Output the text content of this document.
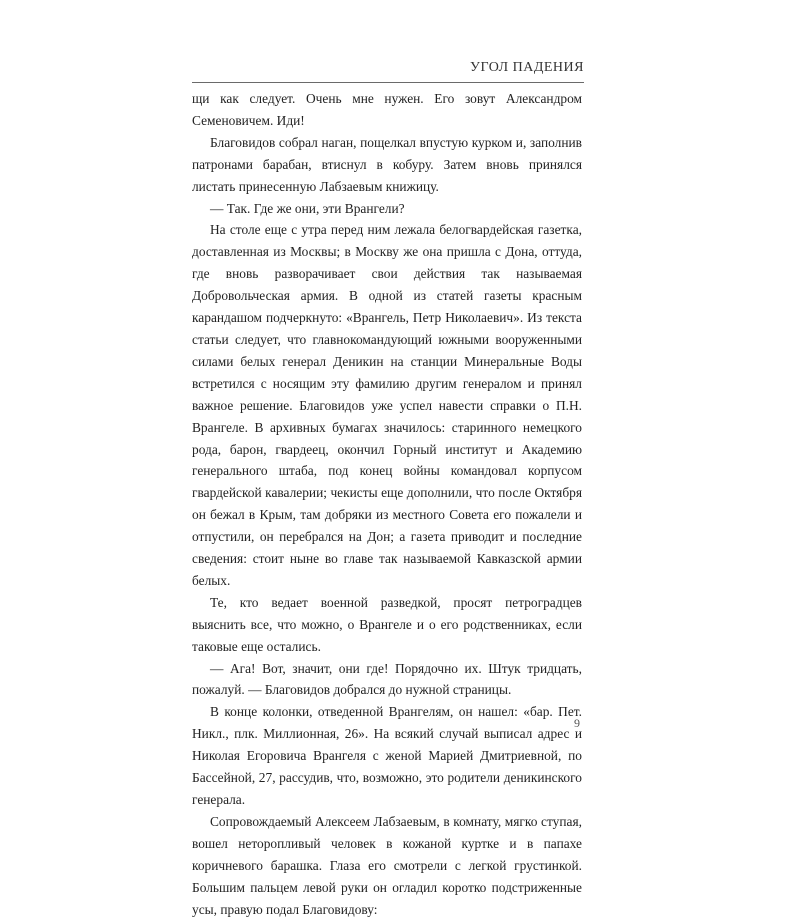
УГОЛ ПАДЕНИЯ

щи как следует. Очень мне нужен. Его зовут Александром Семеновичем. Иди!

Благовидов собрал наган, пощелкал впустую курком и, заполнив патронами барабан, втиснул в кобуру. Затем вновь принялся листать принесенную Лабзаевым книжицу.

— Так. Где же они, эти Врангели?

На столе еще с утра перед ним лежала белогвардейская газетка, доставленная из Москвы; в Москву же она пришла с Дона, оттуда, где вновь разворачивает свои действия так называемая Добровольческая армия. В одной из статей газеты красным карандашом подчеркнуто: «Врангель, Петр Николаевич». Из текста статьи следует, что главнокомандующий южными вооруженными силами белых генерал Деникин на станции Минеральные Воды встретился с носящим эту фамилию другим генералом и принял важное решение. Благовидов уже успел навести справки о П.Н. Врангеле. В архивных бумагах значилось: старинного немецкого рода, барон, гвардеец, окончил Горный институт и Академию генерального штаба, под конец войны командовал корпусом гвардейской кавалерии; чекисты еще дополнили, что после Октября он бежал в Крым, там добряки из местного Совета его пожалели и отпустили, он перебрался на Дон; а газета приводит и последние сведения: стоит ныне во главе так называемой Кавказской армии белых.

Те, кто ведает военной разведкой, просят петроградцев выяснить все, что можно, о Врангеле и о его родственниках, если таковые еще остались.

— Ага! Вот, значит, они где! Порядочно их. Штук тридцать, пожалуй. — Благовидов добрался до нужной страницы.

В конце колонки, отведенной Врангелям, он нашел: «бар. Пет. Никл., плк. Миллионная, 26». На всякий случай выписал адрес и Николая Егоровича Врангеля с женой Марией Дмитриевной, по Бассейной, 27, рассудив, что, возможно, это родители деникинского генерала.

Сопровождаемый Алексеем Лабзаевым, в комнату, мягко ступая, вошел неторопливый человек в кожаной куртке и в папахе коричневого барашка. Глаза его смотрели с легкой грустинкой. Большим пальцем левой руки он огладил коротко подстриженные усы, правую подал Благовидову:

9
